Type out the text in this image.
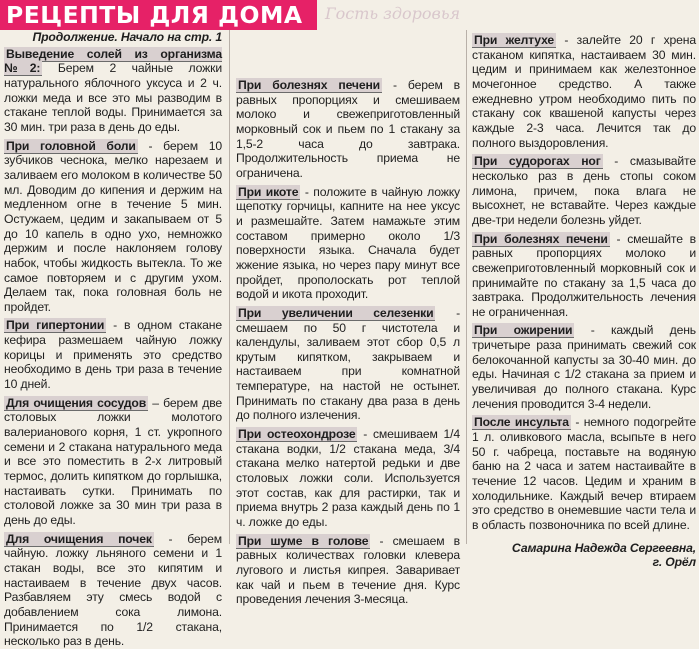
РЕЦЕПТЫ ДЛЯ ДОМА	Гость здоровья
Продолжение. Начало на стр. 1

Выведение солей из организма №2: Берем 2 чайные ложки натурального яблочного уксуса и 2 ч. ложки меда и все это мы разводим в стакане теплой воды. Принимается за 30 мин. три раза в день до еды.

При головной боли - берем 10 зубчиков чеснока, мелко нарезаем и заливаем его молоком в количестве 50 мл. Доводим до кипения и держим на медленном огне в течение 5 мин. Остужаем, цедим и закапываем от 5 до 10 капель в одно ухо, немножко держим и после наклоняем голову набок, чтобы жидкость вытекла. То же самое повторяем и с другим ухом. Делаем так, пока головная боль не пройдет.

При гипертонии - в одном стакане кефира размешаем чайную ложку корицы и применять это средство необходимо в день три раза в течение 10 дней.

Для очищения сосудов – берем две столовых ложки молотого валерианового корня, 1 ст. укропного семени и 2 стакана натурального меда и все это поместить в 2-х литровый термос, долить кипятком до горлышка, настаивать сутки. Принимать по столовой ложке за 30 мин три раза в день до еды.

Для очищения почек - берем чайную. ложку льняного семени и 1 стакан воды, все это кипятим и настаиваем в течение двух часов. Разбавляем эту смесь водой с добавлением сока лимона. Принимается по 1/2 стакана, несколько раз в день.

При болезнях печени - берем в равных пропорциях и смешиваем молоко и свежеприготовленный морковный сок и пьем по 1 стакану за 1,5-2 часа до завтрака. Продолжительность приема не ограничена.

При икоте - положите в чайную ложку щепотку горчицы, капните на нее уксус и размешайте. Затем намажьте этим составом примерно около 1/3 поверхности языка. Сначала будет жжение языка, но через пару минут все пройдет, прополоскать рот теплой водой и икота проходит.

При увеличении селезенки - смешаем по 50 г чистотела и календулы, заливаем этот сбор 0,5 л крутым кипятком, закрываем и настаиваем при комнатной температуре, на настой не остынет. Принимать по стакану два раза в день до полного излечения.

При остеохондрозе - смешиваем 1/4 стакана водки, 1/2 стакана меда, 3/4 стакана мелко натертой редьки и две столовых ложки соли. Используется этот состав, как для растирки, так и приема внутрь 2 раза каждый день по 1 ч. ложке до еды.

При шуме в голове - смешаем в равных количествах головки клевера лугового и листья кипрея. Заваривает как чай и пьем в течение дня. Курс проведения лечения 3-месяца.

При желтухе - залейте 20 г хрена стаканом кипятка, настаиваем 30 мин. цедим и принимаем как железтонное мочегонное средство. А также ежедневно утром необходимо пить по стакану сок квашеной капусты через каждые 2-3 часа. Лечится так до полного выздоровления.

При судорогах ног - смазывайте несколько раз в день стопы соком лимона, причем, пока влага не высохнет, не вставайте. Через каждые две-три недели болезнь уйдет.

При болезнях печени - смешайте в равных пропорциях молоко и свежеприготовленный морковный сок и принимайте по стакану за 1,5 часа до завтрака. Продолжительность лечения не ограниченная.

При ожирении - каждый день тричетыре раза принимать свежий сок белокочанной капусты за 30-40 мин. до еды. Начиная с 1/2 стакана за прием и увеличивая до полного стакана. Курс лечения проводится 3-4 недели.

После инсульта - немного подогрейте 1 л. оливкового масла, всыпьте в него 50 г. чабреца, поставьте на водяную баню на 2 часа и затем настаивайте в течение 12 часов. Цедим и храним в холодильнике. Каждый вечер втираем это средство в онемевшие части тела и в область позвоночника по всей длине.

Самарина Надежда Сергеевна,
г. Орёл
